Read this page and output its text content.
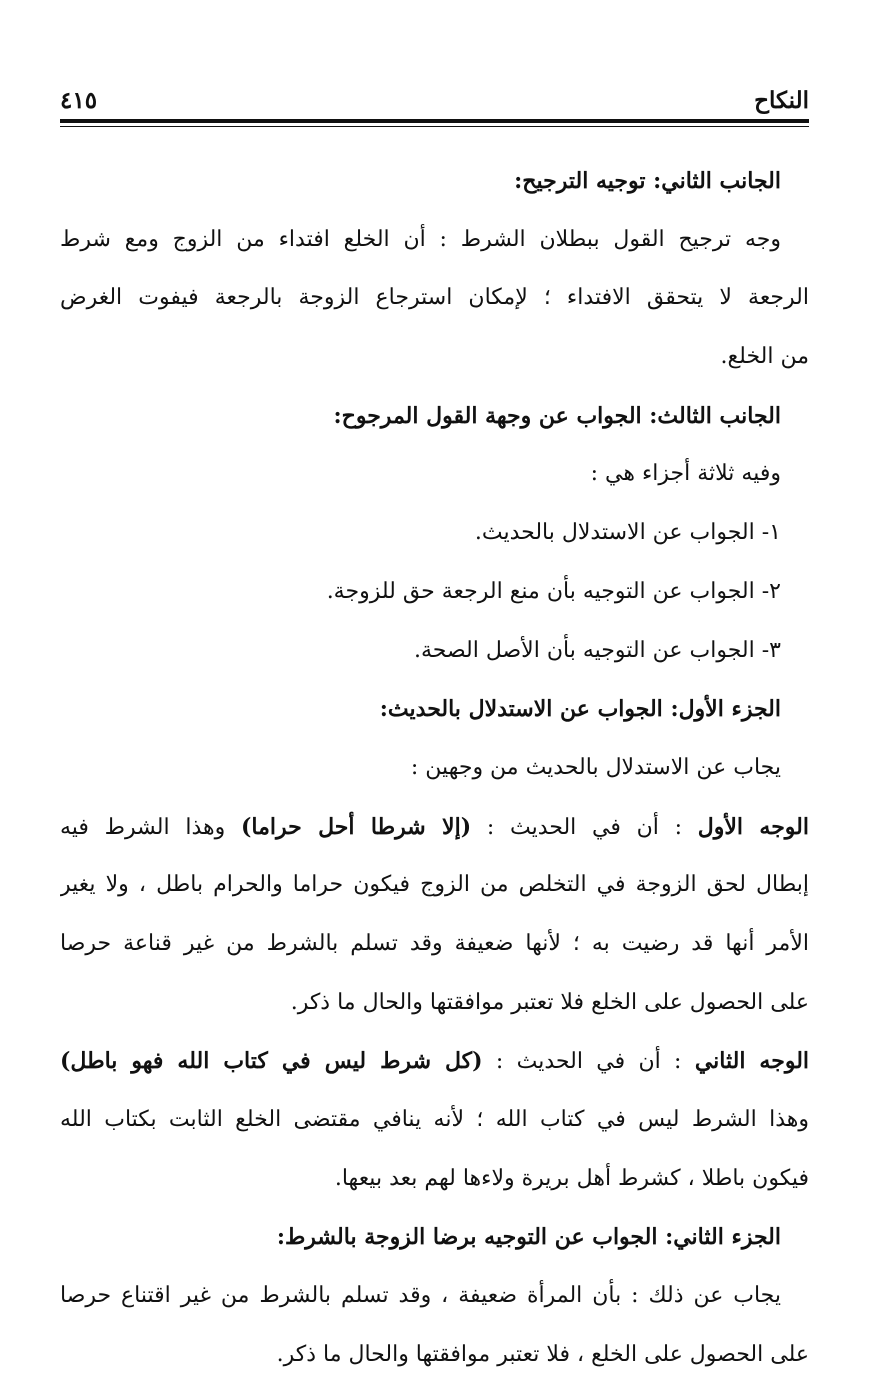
النكاح
٤١٥
الجانب الثاني: توجيه الترجيح:
وجه ترجيح القول ببطلان الشرط : أن الخلع افتداء من الزوج ومع شرط
الرجعة لا يتحقق الافتداء ؛ لإمكان استرجاع الزوجة بالرجعة فيفوت الغرض
من الخلع.
الجانب الثالث: الجواب عن وجهة القول المرجوح:
وفيه ثلاثة أجزاء هي :
١- الجواب عن الاستدلال بالحديث.
٢- الجواب عن التوجيه بأن منع الرجعة حق للزوجة.
٣- الجواب عن التوجيه بأن الأصل الصحة.
الجزء الأول: الجواب عن الاستدلال بالحديث:
يجاب عن الاستدلال بالحديث من وجهين :
الوجه الأول : أن في الحديث : (إلا شرطا أحل حراما) وهذا الشرط فيه
إبطال لحق الزوجة في التخلص من الزوج فيكون حراما والحرام باطل ، ولا يغير
الأمر أنها قد رضيت به ؛ لأنها ضعيفة وقد تسلم بالشرط من غير قناعة حرصا
على الحصول على الخلع فلا تعتبر موافقتها والحال ما ذكر.
الوجه الثاني : أن في الحديث : (كل شرط ليس في كتاب الله فهو باطل)
وهذا الشرط ليس في كتاب الله ؛ لأنه ينافي مقتضى الخلع الثابت بكتاب الله
فيكون باطلا ، كشرط أهل بريرة ولاءها لهم بعد بيعها.
الجزء الثاني: الجواب عن التوجيه برضا الزوجة بالشرط:
يجاب عن ذلك : بأن المرأة ضعيفة ، وقد تسلم بالشرط من غير اقتناع حرصا
على الحصول على الخلع ، فلا تعتبر موافقتها والحال ما ذكر.
